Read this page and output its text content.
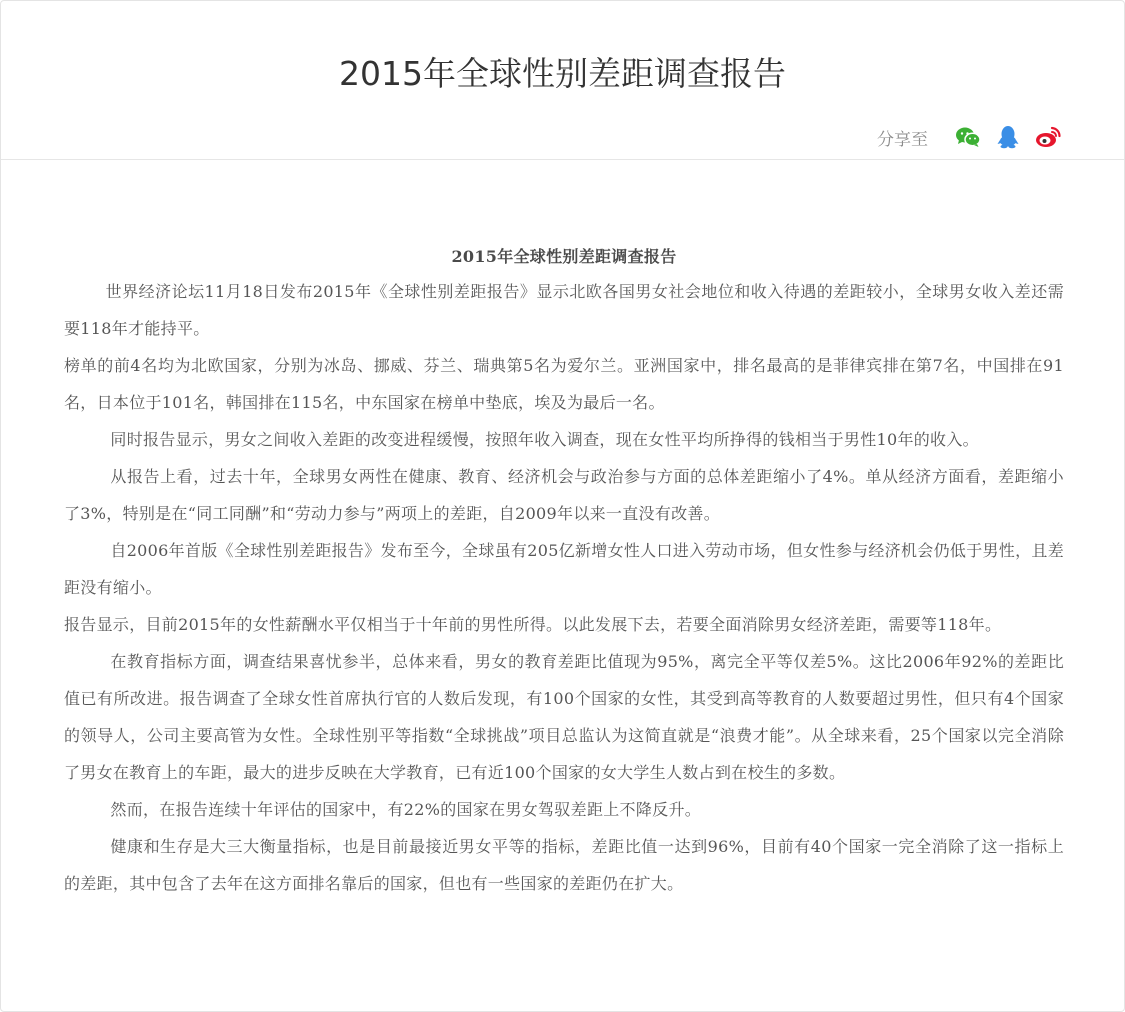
2015年全球性别差距调查报告
分享至
2015年全球性别差距调查报告

世界经济论坛11月18日发布2015年《全球性别差距报告》显示北欧各国男女社会地位和收入待遇的差距较小，全球男女收入差还需要118年才能持平。

榜单的前4名均为北欧国家，分别为冰岛、挪威、芬兰、瑞典第5名为爱尔兰。亚洲国家中，排名最高的是菲律宾排在第7名，中国排在91名，日本位于101名，韩国排在115名，中东国家在榜单中垫底，埃及为最后一名。

同时报告显示，男女之间收入差距的改变进程缓慢，按照年收入调查，现在女性平均所挣得的钱相当于男性10年的收入。

从报告上看，过去十年，全球男女两性在健康、教育、经济机会与政治参与方面的总体差距缩小了4%。单从经济方面看，差距缩小了3%，特别是在“同工同酬”和“劳动力参与”两项上的差距，自2009年以来一直没有改善。

自2006年首版《全球性别差距报告》发布至今，全球虽有205亿新增女性人口进入劳动市场，但女性参与经济机会仍低于男性，且差距没有缩小。

报告显示，目前2015年的女性薪酬水平仅相当于十年前的男性所得。以此发展下去，若要全面消除男女经济差距，需要等118年。

在教育指标方面，调查结果喜忧参半，总体来看，男女的教育差距比值现为95%，离完全平等仅差5%。这比2006年92%的差距比值已有所改进。报告调查了全球女性首席执行官的人数后发现，有100个国家的女性，其受到高等教育的人数要超过男性，但只有4个国家的领导人，公司主要高管为女性。全球性别平等指数“全球挑战”项目总监认为这简直就是“浪费才能”。从全球来看，25个国家以完全消除了男女在教育上的车距，最大的进步反映在大学教育，已有近100个国家的女大学生人数占到在校生的多数。

然而，在报告连续十年评估的国家中，有22%的国家在男女驾驭差距上不降反升。

健康和生存是大三大衡量指标，也是目前最接近男女平等的指标，差距比值一达到96%，目前有40个国家一完全消除了这一指标上的差距，其中包含了去年在这方面排名靠后的国家，但也有一些国家的差距仍在扩大。
